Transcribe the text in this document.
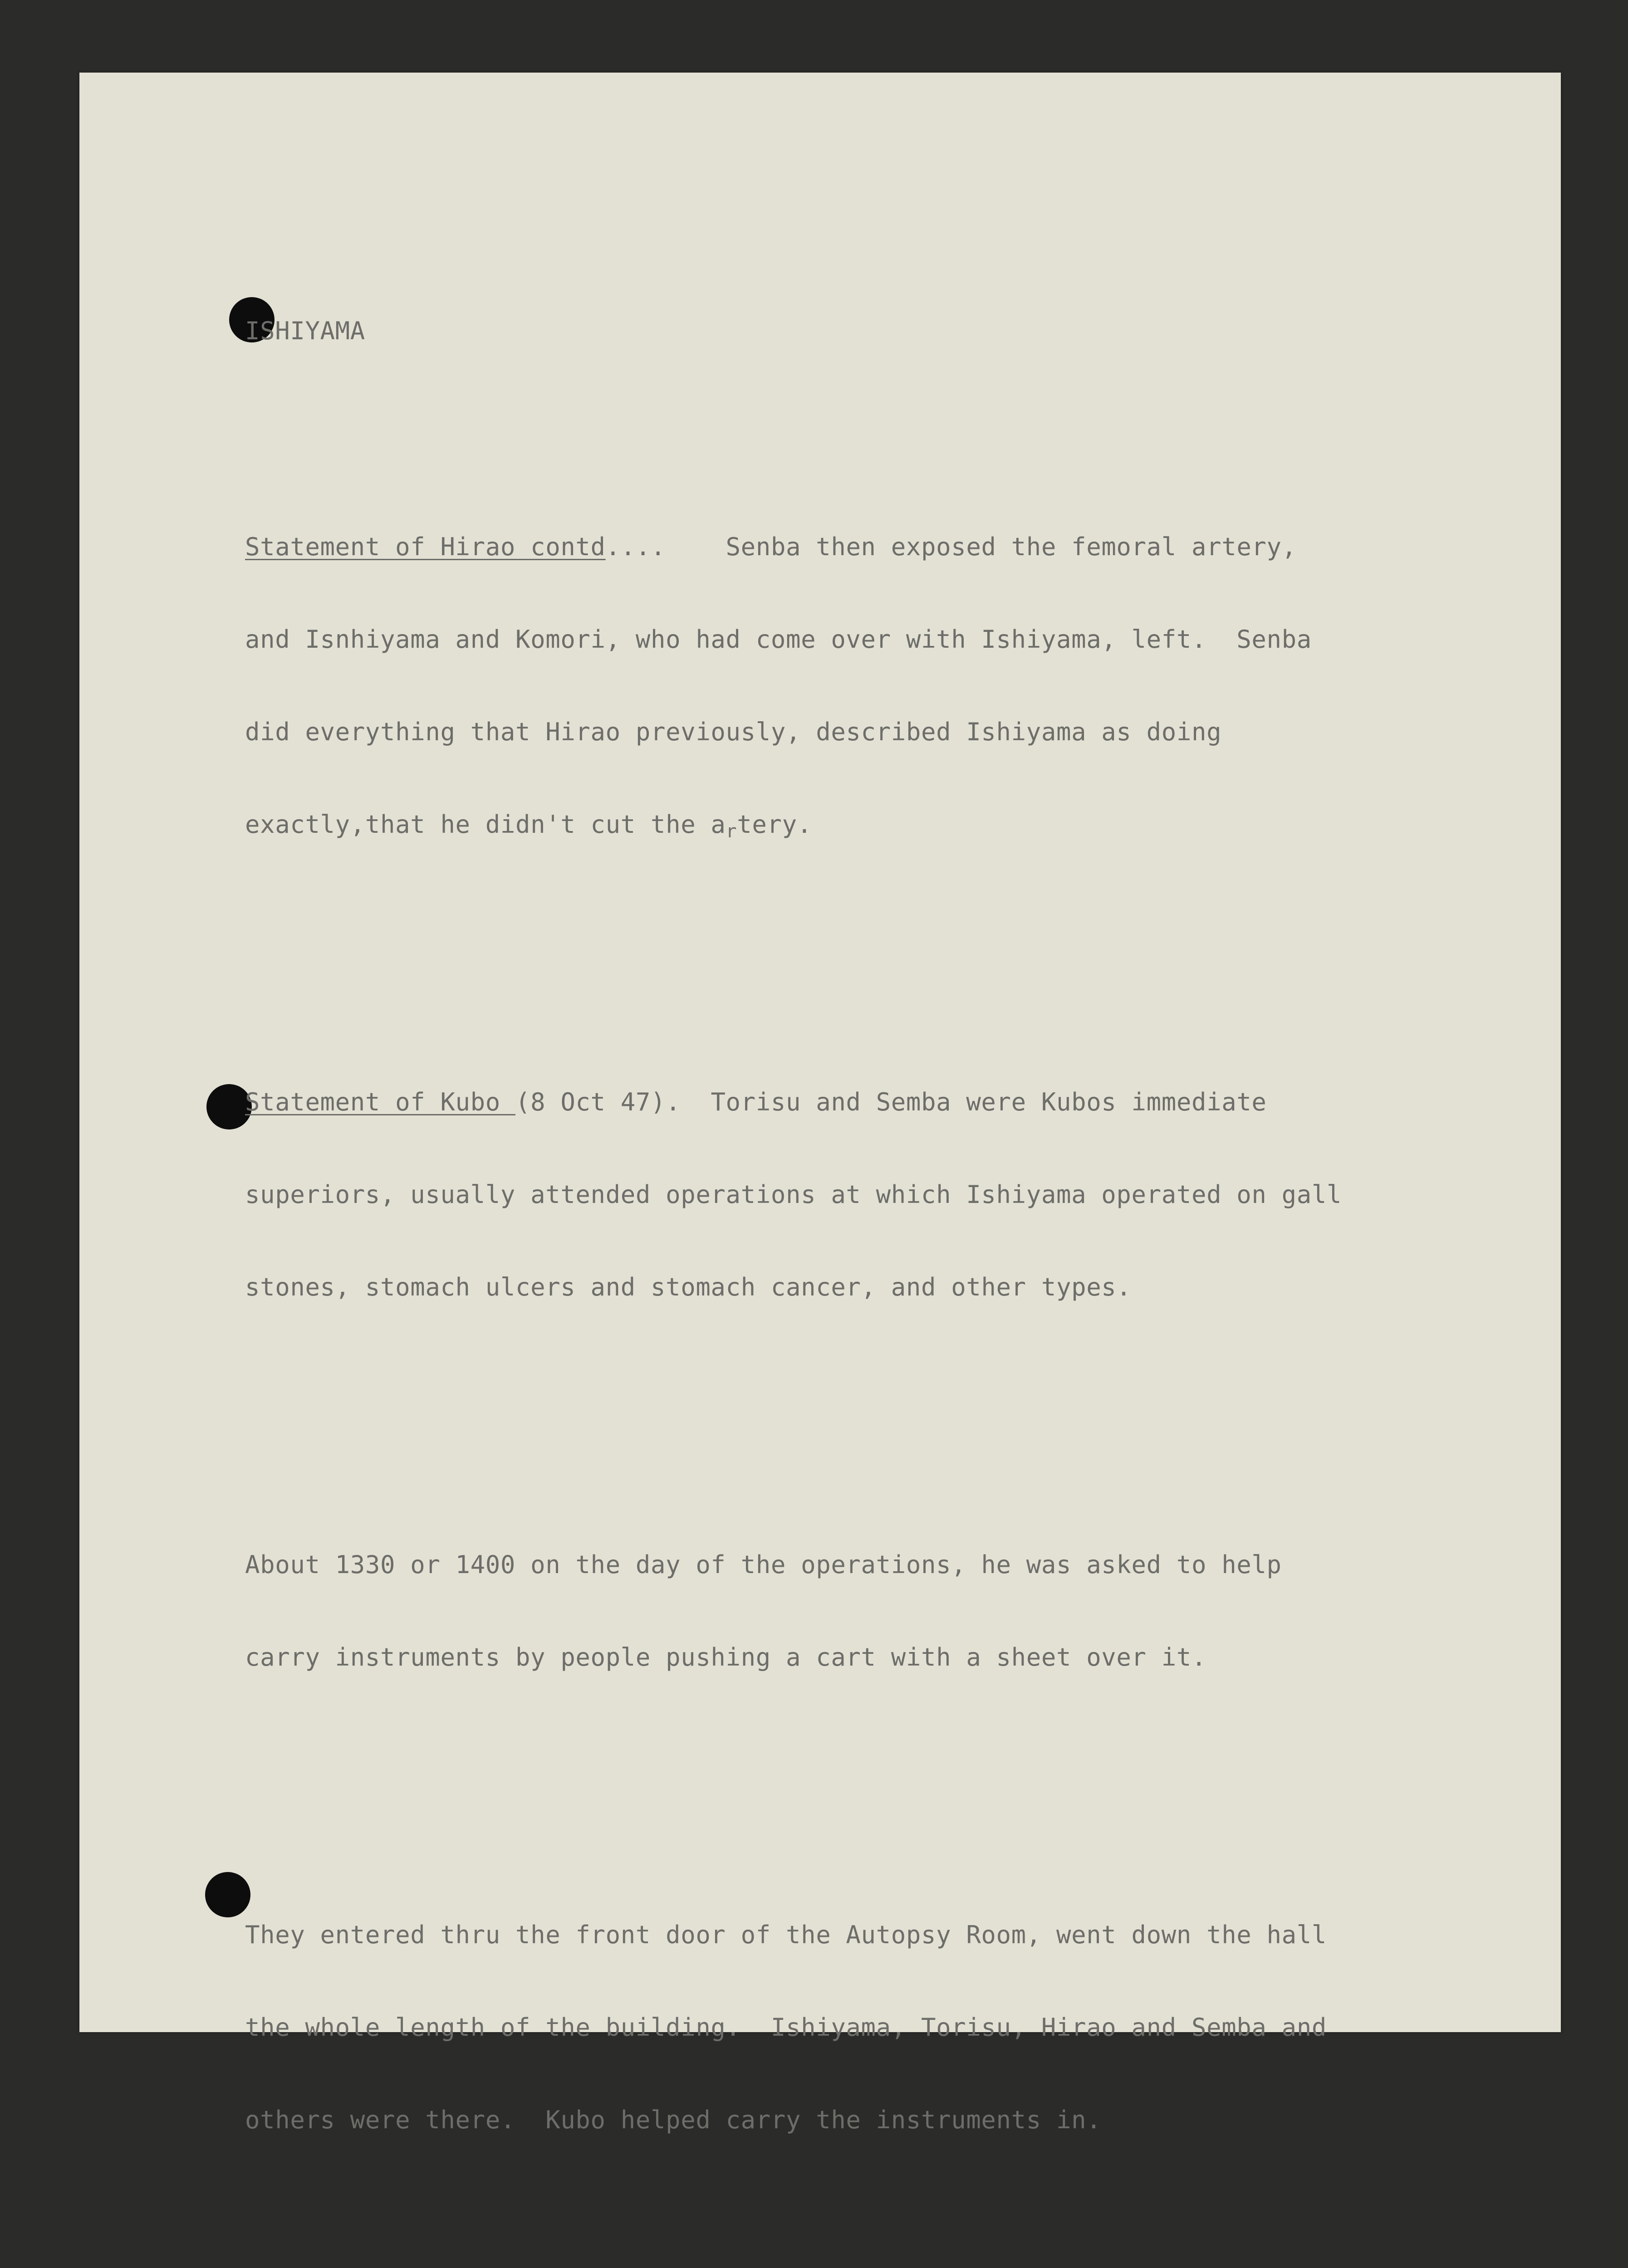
ISHIYAMA

Statement of Hirao contd....    Senba then exposed the femoral artery,

and Isnhiyama and Komori, who had come over with Ishiyama, left.  Senba

did everything that Hirao previously, described Ishiyama as doing

exactly,that he didn't cut the artery.

Statement of Kubo (8 Oct 47).  Torisu and Semba were Kubos immediate

superiors, usually attended operations at which Ishiyama operated on gall

stones, stomach ulcers and stomach cancer, and other types.

About 1330 or 1400 on the day of the operations, he was asked to help

carry instruments by people pushing a cart with a sheet over it.

They entered thru the front door of the Autopsy Room, went down the hall

the whole length of the building.  Ishiyama, Torisu, Hirao and Semba and

others were there.  Kubo helped carry the instruments in.
